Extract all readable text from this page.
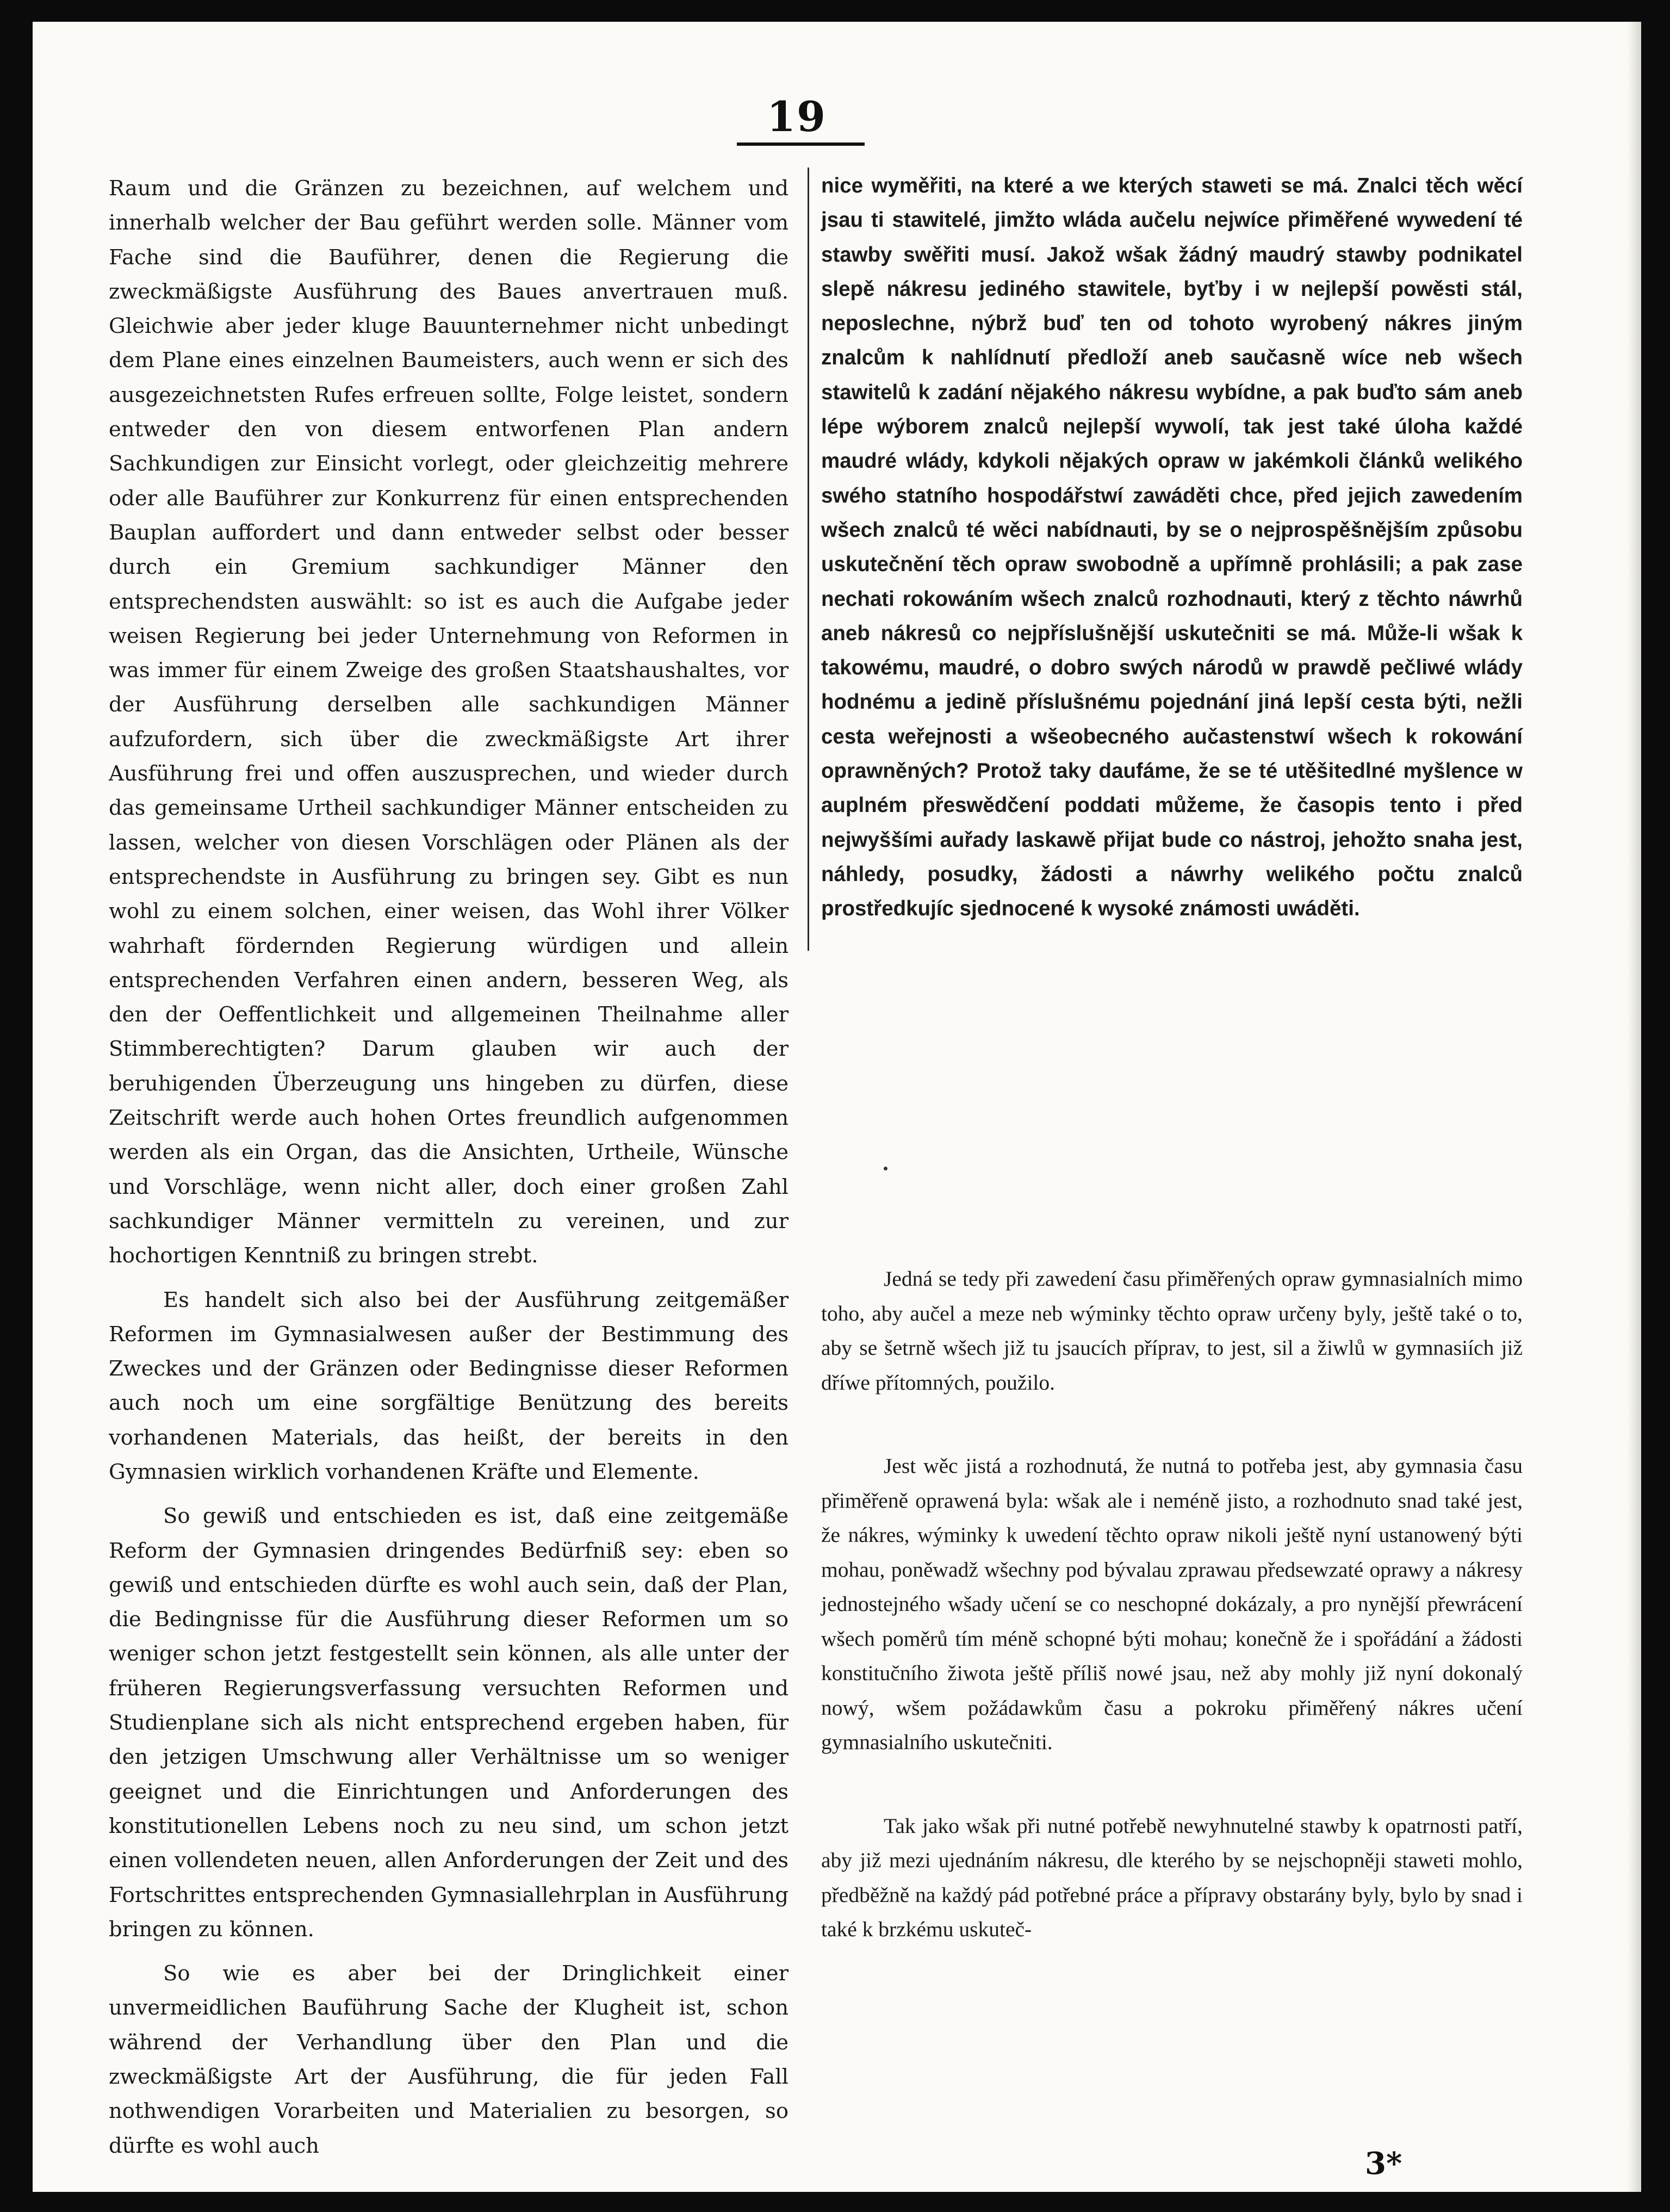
19

Raum und die Gränzen zu bezeichnen, auf welchem und innerhalb welcher der Bau geführt werden solle. Männer vom Fache sind die Bauführer, denen die Regierung die zweckmäßigste Ausführung des Baues anvertrauen muß. Gleichwie aber jeder kluge Bauunternehmer nicht unbedingt dem Plane eines einzelnen Baumeisters, auch wenn er sich des ausgezeichnetsten Rufes erfreuen sollte, Folge leistet, sondern entweder den von diesem entworfenen Plan andern Sachkundigen zur Einsicht vorlegt, oder gleichzeitig mehrere oder alle Bauführer zur Konkurrenz für einen entsprechenden Bauplan auffordert und dann entweder selbst oder besser durch ein Gremium sachkundiger Männer den entsprechendsten auswählt: so ist es auch die Aufgabe jeder weisen Regierung bei jeder Unternehmung von Reformen in was immer für einem Zweige des großen Staatshaushaltes, vor der Ausführung derselben alle sachkundigen Männer aufzufordern, sich über die zweckmäßigste Art ihrer Ausführung frei und offen auszusprechen, und wieder durch das gemeinsame Urtheil sachkundiger Männer entscheiden zu lassen, welcher von diesen Vorschlägen oder Plänen als der entsprechendste in Ausführung zu bringen sey. Gibt es nun wohl zu einem solchen, einer weisen, das Wohl ihrer Völker wahrhaft fördernden Regierung würdigen und allein entsprechenden Verfahren einen andern, besseren Weg, als den der Oeffentlichkeit und allgemeinen Theilnahme aller Stimmberechtigten? Darum glauben wir auch der beruhigenden Überzeugung uns hingeben zu dürfen, diese Zeitschrift werde auch hohen Ortes freundlich aufgenommen werden als ein Organ, das die Ansichten, Urtheile, Wünsche und Vorschläge, wenn nicht aller, doch einer großen Zahl sachkundiger Männer vermitteln zu vereinen, und zur hochortigen Kenntniß zu bringen strebt.

Es handelt sich also bei der Ausführung zeitgemäßer Reformen im Gymnasialwesen außer der Bestimmung des Zweckes und der Gränzen oder Bedingnisse dieser Reformen auch noch um eine sorgfältige Benützung des bereits vorhandenen Materials, das heißt, der bereits in den Gymnasien wirklich vorhandenen Kräfte und Elemente.

So gewiß und entschieden es ist, daß eine zeitgemäße Reform der Gymnasien dringendes Bedürfniß sey: eben so gewiß und entschieden dürfte es wohl auch sein, daß der Plan, die Bedingnisse für die Ausführung dieser Reformen um so weniger schon jetzt festgestellt sein können, als alle unter der früheren Regierungsverfassung versuchten Reformen und Studienplane sich als nicht entsprechend ergeben haben, für den jetzigen Umschwung aller Verhältnisse um so weniger geeignet und die Einrichtungen und Anforderungen des konstitutionellen Lebens noch zu neu sind, um schon jetzt einen vollendeten neuen, allen Anforderungen der Zeit und des Fortschrittes entsprechenden Gymnasiallehrplan in Ausführung bringen zu können.

So wie es aber bei der Dringlichkeit einer unvermeidlichen Bauführung Sache der Klugheit ist, schon während der Verhandlung über den Plan und die zweckmäßigste Art der Ausführung, die für jeden Fall nothwendigen Vorarbeiten und Materialien zu besorgen, so dürfte es wohl auch

nice wyměřiti, na které a we kterých staweti se má. Znalci těch wěcí jsau ti stawitelé, jimžto wláda aučelu nejwíce přiměřené wywedení té stawby swěřiti musí. Jakož wšak žádný maudrý stawby podnikatel slepě nákresu jediného stawitele, byťby i w nejlepší powěsti stál, neposlechne, nýbrž buď ten od tohoto wyrobený nákres jiným znalcům k nahlídnutí předloží aneb saučasně wíce neb wšech stawitelů k zadání nějakého nákresu wybídne, a pak buďto sám aneb lépe wýborem znalců nejlepší wywolí, tak jest také úloha každé maudré wlády, kdykoli nějakých opraw w jakémkoli článků welikého swého statního hospodářstwí zawáděti chce, před jejich zawedením wšech znalců té wěci nabídnauti, by se o nejprospěšnějším způsobu uskutečnění těch opraw swobodně a upřímně prohlásili; a pak zase nechati rokowáním wšech znalců rozhodnauti, který z těchto náwrhů aneb nákresů co nejpříslušnější uskutečniti se má. Může-li wšak k takowému, maudré, o dobro swých národů w prawdě pečliwé wlády hodnému a jedině příslušnému pojednání jiná lepší cesta býti, nežli cesta weřejnosti a wšeobecného aučastenstwí wšech k rokowání oprawněných? Protož taky daufáme, že se té utěšitedlné myšlence w auplném přeswědčení poddati můžeme, že časopis tento i před nejwyššími auřady laskawě přijat bude co nástroj, jehožto snaha jest, náhledy, posudky, žádosti a náwrhy welikého počtu znalců prostředkujíc sjednocené k wysoké známosti uwáděti.

Jedná se tedy při zawedení času přiměřených opraw gymnasialních mimo toho, aby aučel a meze neb wýminky těchto opraw určeny byly, ještě také o to, aby se šetrně wšech již tu jsaucích příprav, to jest, sil a žiwlů w gymnasiích již dříwe přítomných, použilo.

Jest wěc jistá a rozhodnutá, že nutná to potřeba jest, aby gymnasia času přiměřeně oprawená byla: wšak ale i neméně jisto, a rozhodnuto snad také jest, že nákres, wýminky k uwedení těchto opraw nikoli ještě nyní ustanowený býti mohau, poněwadž wšechny pod bývalau zprawau předsewzaté oprawy a nákresy jednostejného wšady učení se co neschopné dokázaly, a pro nynější přewrácení wšech poměrů tím méně schopné býti mohau; konečně že i spořádání a žádosti konstitučního žiwota ještě příliš nowé jsau, než aby mohly již nyní dokonalý nowý, wšem požádawkům času a pokroku přiměřený nákres učení gymnasialního uskutečniti.

Tak jako wšak při nutné potřebě newyhnutelné stawby k opatrnosti patří, aby již mezi ujednáním nákresu, dle kterého by se nejschopněji staweti mohlo, předběžně na každý pád potřebné práce a přípravy obstarány byly, bylo by snad i také k brzkému uskuteč-

3*
